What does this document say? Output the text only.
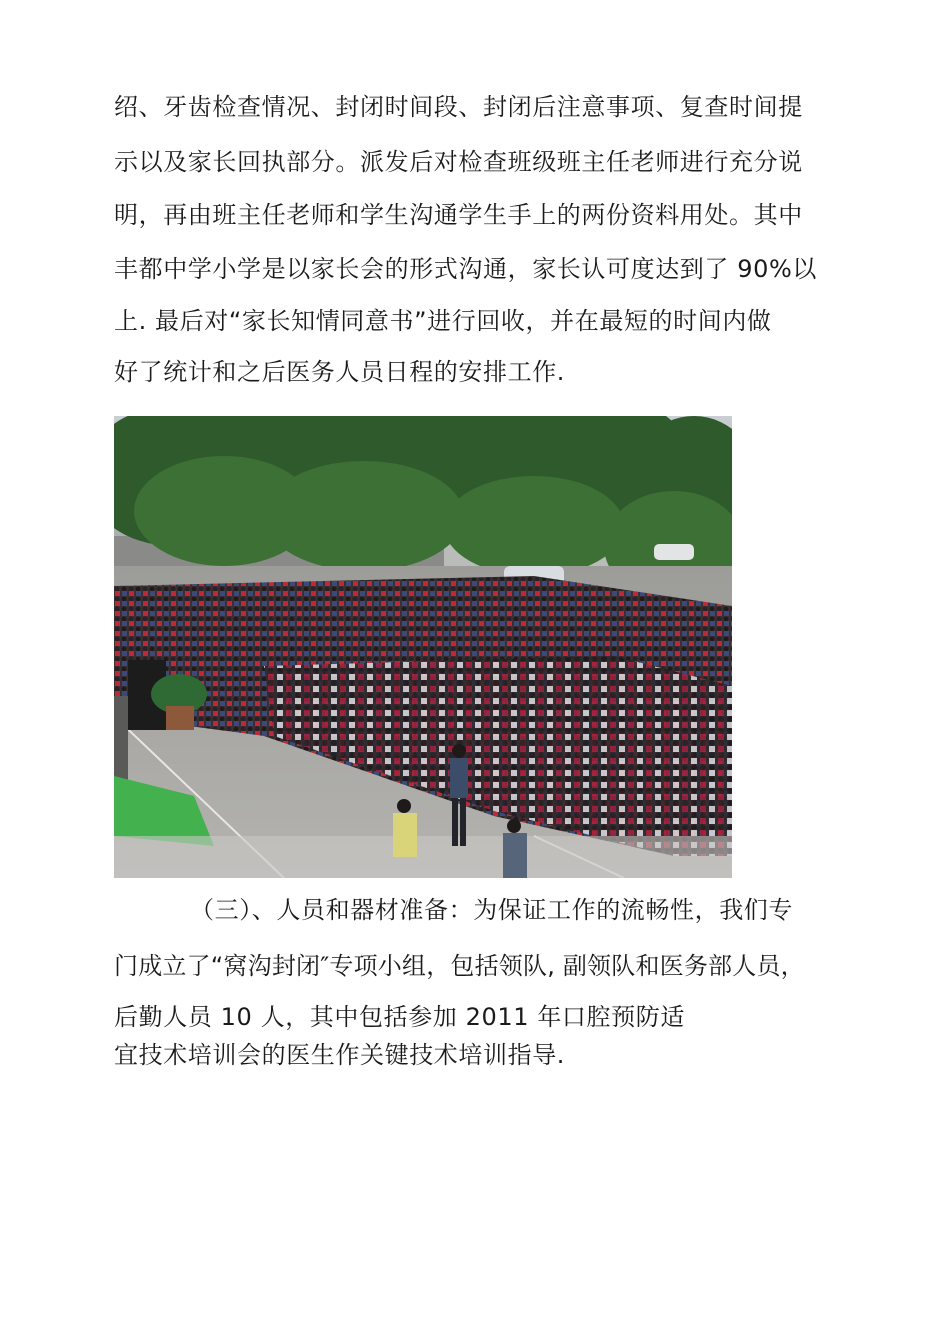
绍、牙齿检查情况、封闭时间段、封闭后注意事项、复查时间提
示以及家长回执部分。派发后对检查班级班主任老师进行充分说
明，再由班主任老师和学生沟通学生手上的两份资料用处。其中
丰都中学小学是以家长会的形式沟通，家长认可度达到了 90%以
上. 最后对“家长知情同意书”进行回收，并在最短的时间内做
好了统计和之后医务人员日程的安排工作.
（三）、人员和器材准备：为保证工作的流畅性，我们专
门成立了“窝沟封闭″专项小组，包括领队, 副领队和医务部人员，
后勤人员 10 人，其中包括参加 2011 年口腔预防适
宜技术培训会的医生作关键技术培训指导.
